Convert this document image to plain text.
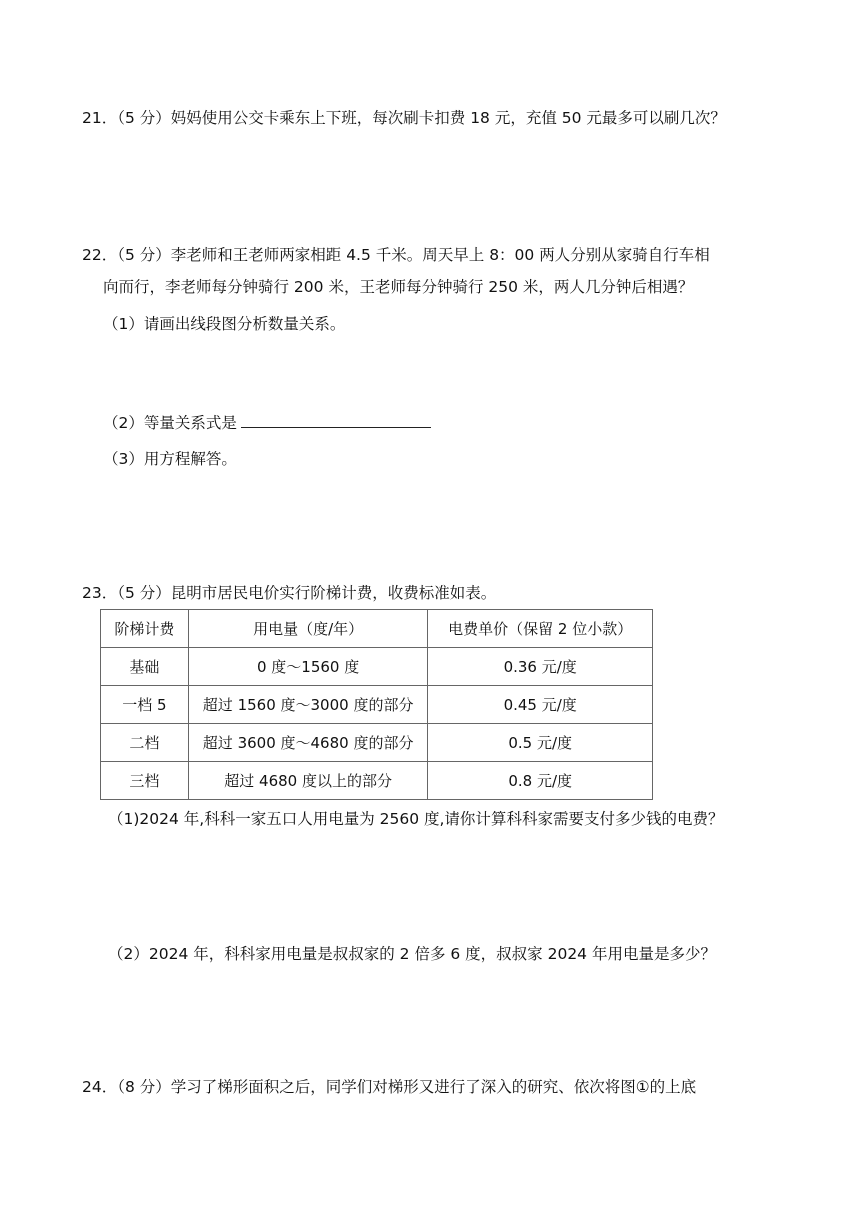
21．（5 分）妈妈使用公交卡乘东上下班，每次刷卡扣费 18 元，充值 50 元最多可以刷几次？
22．（5 分）李老师和王老师两家相距 4.5 千米。周天早上 8：00 两人分别从家骑自行车相
向而行，李老师每分钟骑行 200 米，王老师每分钟骑行 250 米，两人几分钟后相遇？
（1）请画出线段图分析数量关系。
（2）等量关系式是
（3）用方程解答。
23．（5 分）昆明市居民电价实行阶梯计费，收费标准如表。
阶梯计费	用电量（度/年）	电费单价（保留 2 位小款）
基础	0 度～1560 度	0.36 元/度
一档 5	超过 1560 度～3000 度的部分	0.45 元/度
二档	超过 3600 度～4680 度的部分	0.5 元/度
三档	超过 4680 度以上的部分	0.8 元/度
（1)2024 年,科科一家五口人用电量为 2560 度,请你计算科科家需要支付多少钱的电费？
（2）2024 年，科科家用电量是叔叔家的 2 倍多 6 度，叔叔家 2024 年用电量是多少？
24．（8 分）学习了梯形面积之后，同学们对梯形又进行了深入的研究、依次将图①的上底
